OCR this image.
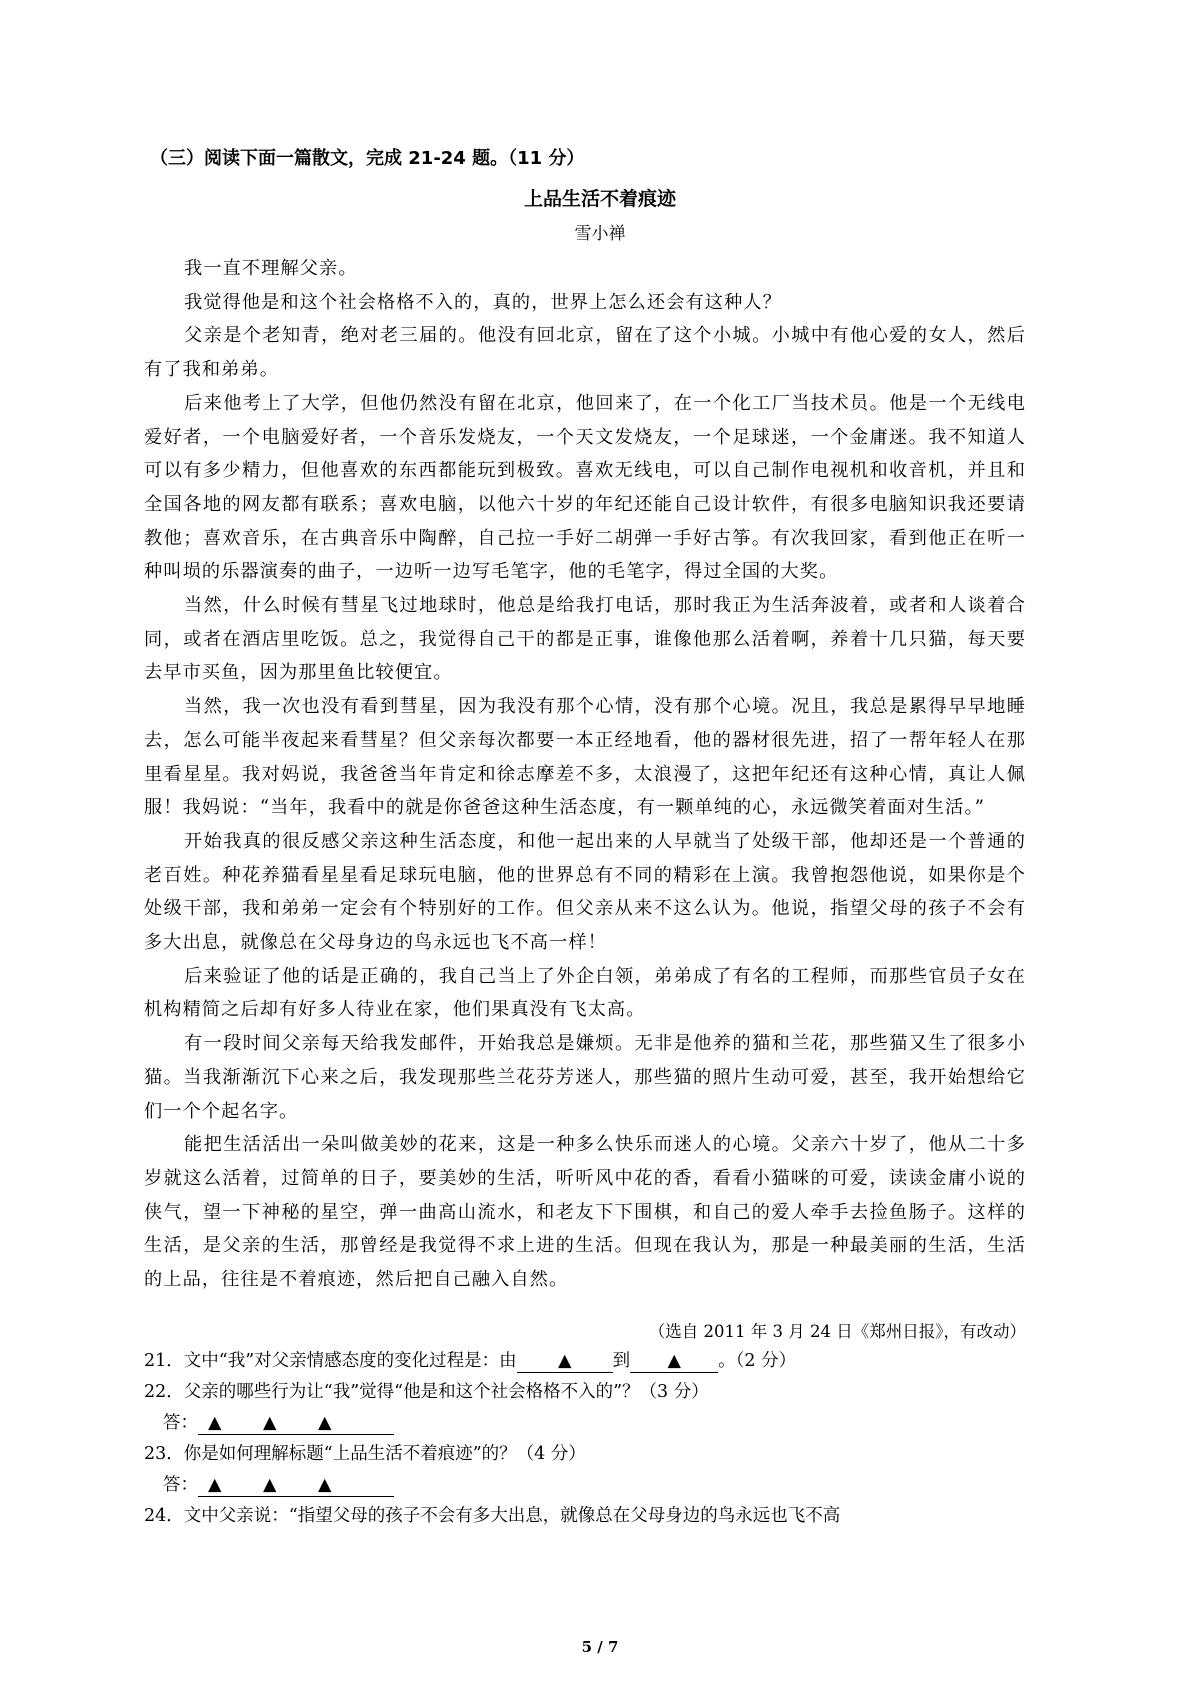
（三）阅读下面一篇散文，完成 21-24 题。（11 分）
上品生活不着痕迹
雪小禅

我一直不理解父亲。

我觉得他是和这个社会格格不入的，真的，世界上怎么还会有这种人？

父亲是个老知青，绝对老三届的。他没有回北京，留在了这个小城。小城中有他心爱的女人，然后有了我和弟弟。

后来他考上了大学，但他仍然没有留在北京，他回来了，在一个化工厂当技术员。他是一个无线电爱好者，一个电脑爱好者，一个音乐发烧友，一个天文发烧友，一个足球迷，一个金庸迷。我不知道人可以有多少精力，但他喜欢的东西都能玩到极致。喜欢无线电，可以自己制作电视机和收音机，并且和全国各地的网友都有联系；喜欢电脑，以他六十岁的年纪还能自己设计软件，有很多电脑知识我还要请教他；喜欢音乐，在古典音乐中陶醉，自己拉一手好二胡弹一手好古筝。有次我回家，看到他正在听一种叫埙的乐器演奏的曲子，一边听一边写毛笔字，他的毛笔字，得过全国的大奖。

当然，什么时候有彗星飞过地球时，他总是给我打电话，那时我正为生活奔波着，或者和人谈着合同，或者在酒店里吃饭。总之，我觉得自己干的都是正事，谁像他那么活着啊，养着十几只猫，每天要去早市买鱼，因为那里鱼比较便宜。

当然，我一次也没有看到彗星，因为我没有那个心情，没有那个心境。况且，我总是累得早早地睡去，怎么可能半夜起来看彗星？但父亲每次都要一本正经地看，他的器材很先进，招了一帮年轻人在那里看星星。我对妈说，我爸爸当年肯定和徐志摩差不多，太浪漫了，这把年纪还有这种心情，真让人佩服！我妈说：“当年，我看中的就是你爸爸这种生活态度，有一颗单纯的心，永远微笑着面对生活。”

开始我真的很反感父亲这种生活态度，和他一起出来的人早就当了处级干部，他却还是一个普通的老百姓。种花养猫看星星看足球玩电脑，他的世界总有不同的精彩在上演。我曾抱怨他说，如果你是个处级干部，我和弟弟一定会有个特别好的工作。但父亲从来不这么认为。他说，指望父母的孩子不会有多大出息，就像总在父母身边的鸟永远也飞不高一样！

后来验证了他的话是正确的，我自己当上了外企白领，弟弟成了有名的工程师，而那些官员子女在机构精简之后却有好多人待业在家，他们果真没有飞太高。

有一段时间父亲每天给我发邮件，开始我总是嫌烦。无非是他养的猫和兰花，那些猫又生了很多小猫。当我渐渐沉下心来之后，我发现那些兰花芬芳迷人，那些猫的照片生动可爱，甚至，我开始想给它们一个个起名字。

能把生活活出一朵叫做美妙的花来，这是一种多么快乐而迷人的心境。父亲六十岁了，他从二十多岁就这么活着，过简单的日子，要美妙的生活，听听风中花的香，看看小猫咪的可爱，读读金庸小说的侠气，望一下神秘的星空，弹一曲高山流水，和老友下下围棋，和自己的爱人牵手去捡鱼肠子。这样的生活，是父亲的生活，那曾经是我觉得不求上进的生活。但现在我认为，那是一种最美丽的生活，生活的上品，往往是不着痕迹，然后把自己融入自然。

（选自 2011 年 3 月 24 日《郑州日报》，有改动）
21．文中“我”对父亲情感态度的变化过程是：由 ▲ 到 ▲ 。（2 分）
22．父亲的哪些行为让“我”觉得“他是和这个社会格格不入的”？（3 分）
答： ▲ ▲ ▲
23．你是如何理解标题“上品生活不着痕迹”的？（4 分）
答： ▲ ▲ ▲
24．文中父亲说：“指望父母的孩子不会有多大出息，就像总在父母身边的鸟永远也飞不高
5 / 7
